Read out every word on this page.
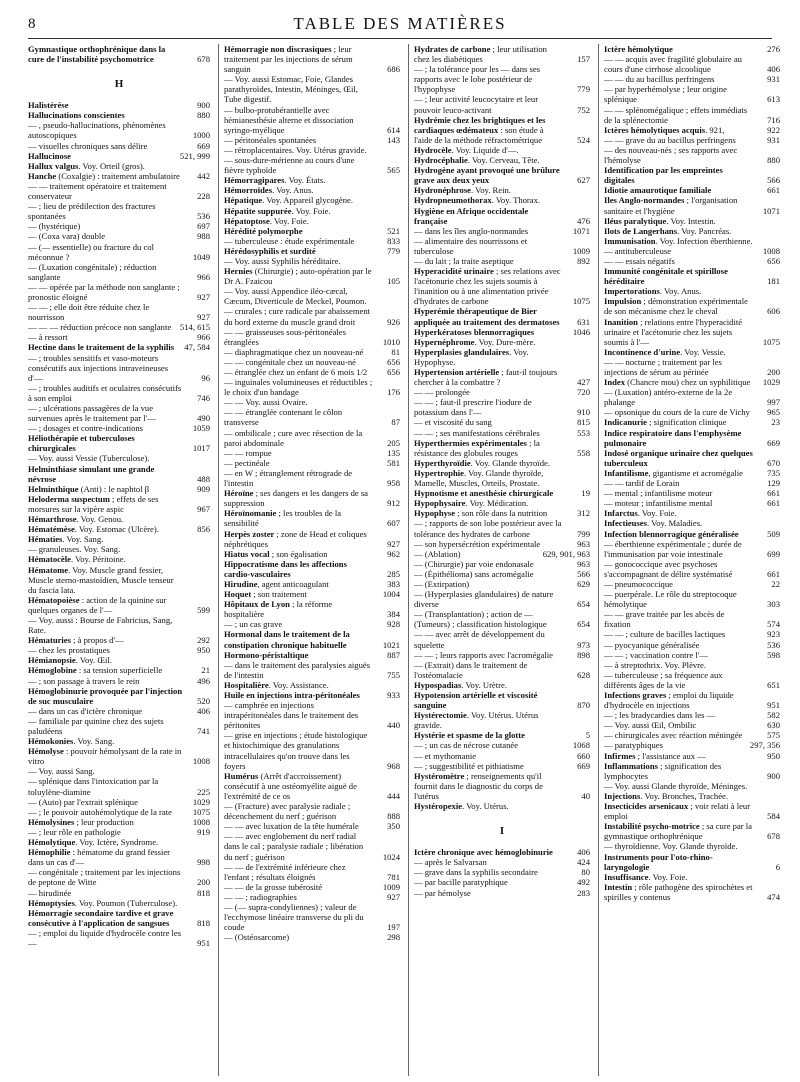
8	TABLE DES MATIÈRES
Gymnastique orthophrénique dans la cure de l'instabilité psychomotrice	678
H
Halistérèse	900
Hallucinations conscientes	880
— , pseudo-hallucinations, phénomènes autoscopiques	1000
— visuelles chroniques sans délire	669
Hallucinose	521, 999
Hallux valgus. Voy. Orteil (gros).
Hanche (Coxalgie) : traitement ambulatoire	442
— — traitement opératoire et traitement conservateur	228
— ; lieu de prédilection des fractures spontanées	536
— (hystérique)	697
— (Coxa vara) double	988
— (— essentielle) ou fracture du col méconnue ?	1049
— (Luxation congénitale) ; réduction sanglante	966
— — opérée par la méthode non sanglante ; pronostic éloigné	927
— — ; elle doit être réduite chez le nourrisson	927
— — — réduction précoce non sanglante	514, 615
— à ressort	966
Hectine dans le traitement de la syphilis	47, 584
— ; troubles sensitifs et vaso-moteurs consécutifs aux injections intraveineuses d'—	96
— ; troubles auditifs et oculaires consécutifs à son emploi	746
— ; ulcérations passagères de la vue survenues après le traitement par l'—	490
— ; dosages et contre-indications	1059
Héliothérapie et tuberculoses chirurgicales	1017
— Voy. aussi Vessie (Tuberculose).
Helminthiase simulant une grande névrose	488
Helminthique (Anti) : le naphtol β	909
Heloderma suspectum ; effets de ses morsures sur la vipère aspic	967
Hémarthrose. Voy. Genou.
Hématémèse. Voy. Estomac (Ulcère).	856
Hématies. Voy. Sang.
— granuleuses. Voy. Sang.
Hématocèle. Voy. Péritoine.
Hématome. Voy. Muscle grand fessier, Muscle sterno-mastoïdien, Muscle tenseur du fascia lata.
Hématopoièse : action de la quinine sur quelques organes de l'—	599
— Voy. aussi : Bourse de Fabricius, Sang, Rate.
Hématuries ; à propos d'—	292
— chez les prostatiques	950
Hémianopsie. Voy. Œil.
Hémoglobine : sa tension superficielle	21
— ; son passage à travers le rein	496
Hémoglobinurie provoquée par l'injection de suc musculaire	520
— dans un cas d'ictère chronique	406
— familiale par quinine chez des sujets paludéens	741
Hémokonies. Voy. Sang.
Hémolyse : pouvoir hémolysant de la rate in vitro	1008
— Voy. aussi Sang.
— splénique dans l'intoxication par la toluylène-diamine	225
— (Auto) par l'extrait splénique	1029
— ; le pouvoir autohémolytique de la rate	1075
Hémolysines ; leur production	1008
— ; leur rôle en pathologie	919
Hémolytique. Voy. Ictère, Syndrome.
Hémophilie : hématome du grand fessier dans un cas d'—	998
— congénitale ; traitement par les injections de peptone de Witte	200
— hirudinée	818
Hémoptysies. Voy. Poumon (Tuberculose).
Hémorragie secondaire tardive et grave consécutive à l'application de sangsues	818
— ; emploi du liquide d'hydrocèle contre les —	951
Hémorragie non discrasiques ; leur traitement par les injections de sérum sanguin	686
— Voy. aussi Estomac, Foie, Glandes parathyroïdes, Intestin, Méninges, Œil, Tube digestif.
— bulbo-protubérantielle avec hémianesthésie alterne et dissociation syringo-myélique	614
— péritonéales spontanées	143
— rétroplacentaires. Voy. Utérus gravide.
— sous-dure-mérienne au cours d'une fièvre typhoïde	565
Hémorragipares. Voy. États.
Hémorroïdes. Voy. Anus.
Hépatique. Voy. Appareil glycogène.
Hépatite suppurée. Voy. Foie.
Hépatoptose. Voy. Foie.
Hérédité polymorphe	521
— tuberculeuse : étude expérimentale	833
Hérédosyphilis et surdité	779
— Voy. aussi Syphilis héréditaire.
Hernies (Chirurgie) ; auto-opération par le Dr A. Fzaicou	105
— Voy. aussi Appendice iléo-cæcal, Cæcum, Diverticule de Meckel, Poumon.
— crurales ; cure radicale par abaissement du bord externe du muscle grand droit	926
— — graisseuses sous-péritonéales étranglées	1010
— diaphragmatique chez un nouveau-né	81
— — congénitale chez un nouveau-né	656
— étranglée chez un enfant de 6 mois 1/2	656
— inguinales volumineuses et réductibles ; le choix d'un bandage	176
— — Voy. aussi Ovaire.
— — étranglée contenant le côlon transverse	87
— ombilicale ; cure avec résection de la paroi abdominale	205
— — rompue	135
— pectinéale	581
— en W ; étranglement rétrograde de l'intestin	958
Héroïne ; ses dangers et les dangers de sa suppression	912
Héroïnomanie ; les troubles de la sensibilité	607
Herpès zoster ; zone de Head et coliques néphrétiques	927
Hiatus vocal ; son égalisation	962
Hippocratisme dans les affections cardio-vasculaires	285
Hirudine, agent anticoagulant	383
Hoquet ; son traitement	1004
Hôpitaux de Lyon ; la réforme hospitalière	384
— ; un cas grave	928
Hormonal dans le traitement de la constipation chronique habituelle	1021
Hormono-péristaltique	887
— dans le traitement des paralysies aiguës de l'intestin	755
Hospitalière. Voy. Assistance.
Huile en injections intra-péritonéales	933
— camphrée en injections intrapéritonéales dans le traitement des péritonites	440
— grise en injections ; étude histologique et histochimique des granulations intracellulaires qu'on trouve dans les foyers	968
Humérus (Arrêt d'accroissement) consécutif à une ostéomyélite aiguë de l'extrémité de ce os	444
— (Fracture) avec paralysie radiale ; décenchement du nerf ; guérison	888
— — avec luxation de la tête humérale	350
— — avec englobement du nerf radial dans le cal ; paralysie radiale ; libération du nerf ; guérison	1024
— — de l'extrémité inférieure chez l'enfant ; résultats éloignés	781
— — de la grosse tubérosité	1009
— — ; radiographies	927
— (— supra-condyliennes) ; valeur de l'ecchymose linéaire transverse du pli du coude	197
— (Ostéosarcome)	298
Hydrates de carbone ; leur utilisation chez les diabétiques	157
— ; la tolérance pour les — dans ses rapports avec le lobe postérieur de l'hypophyse	779
— ; leur activité leucocytaire et leur pouvoir leuco-activant	752
Hydrémie chez les brightiques et les cardiaques œdémateux : son étude à l'aide de la méthode réfractométrique	524
Hydrocèle. Voy. Liquide d'—.
Hydrocéphalie. Voy. Cerveau, Tête.
Hydrogène ayant provoqué une brûlure grave aux deux yeux	627
Hydronéphrose. Voy. Rein.
Hydropneumothorax. Voy. Thorax.
Hygiène en Afrique occidentale française	476
— dans les îles anglo-normandes	1071
— alimentaire des nourrissons et tuberculose	1009
— du lait ; la traite aseptique	892
Hyperacidité urinaire ; ses relations avec l'acétonurie chez les sujets soumis à l'inanition ou à une alimentation privée d'hydrates de carbone	1075
Hyperémie thérapeutique de Bier appliquée au traitement des dermatoses	631
Hyperkératoses blennorragiques	1046
Hypernéphrome. Voy. Dure-mère.
Hyperplasies glandulaires. Voy. Hypophyse.
Hypertension artérielle ; faut-il toujours chercher à la combattre ?	427
— — prolongée	720
— — ; faut-il prescrire l'iodure de potassium dans l'—	910
— et viscosité du sang	815
— — ; ses manifestations cérébrales	553
Hyperthermies expérimentales ; la résistance des globules rouges	558
Hyperthyroïdie. Voy. Glande thyroïde.
Hypertrophie. Voy. Glande thyroïde, Mamelle, Muscles, Orteils, Prostate.
Hypnotisme et anesthésie chirurgicale	19
Hypophysaire. Voy. Médication.
Hypophyse ; son rôle dans la nutrition	312
— ; rapports de son lobe postérieur avec la tolérance des hydrates de carbone	799
— son hypersécrétion expérimentale	963
— (Ablation)	629, 901, 963
— (Chirurgie) par voie endonasale	963
— (Épithélioma) sans acromégalie	566
— (Extirpation)	629
— (Hyperplasies glandulaires) de nature diverse	654
— (Transplantation) ; action de — (Tumeurs) ; classification histologique	654
— — avec arrêt de développement du squelette	973
— — ; leurs rapports avec l'acromégalie	898
— (Extrait) dans le traitement de l'ostéomalacie	628
Hypospadias. Voy. Urètre.
Hypotension artérielle et viscosité sanguine	870
Hystérectomie. Voy. Utérus. Utérus gravide.
Hystérie et spasme de la glotte	5
— ; un cas de nécrose cutanée	1068
— et mythomanie	660
— ; suggestibilité et pithiatisme	669
Hystéromètre ; renseignements qu'il fournit dans le diagnostic du corps de l'utérus	40
Hystéropexie. Voy. Utérus.
I
Ictère chronique avec hémoglobinurie	406
— après le Salvarsan	424
— grave dans la syphilis secondaire	80
— par bacille paratyphique	492
— par hémolyse	283
Ictère hémolytique	276
— — acquis avec fragilité globulaire au cours d'une cirrhose alcoolique	406
— — du au bacillus perfringens	931
— par hyperhémolyse ; leur origine splénique	613
— — splénomégalique ; effets immédiats de la splénectomie	716
Ictères hémolytiques acquis. 921,	922
— — grave du au bacillus perfringens	931
— des nouveau-nés ; ses rapports avec l'hémolyse	880
Identification par les empreintes digitales	566
Idiotie amaurotique familiale	661
Iles Anglo-normandes ; l'organisation sanitaire et l'hygiène	1071
Iléus paralytique. Voy. Intestin.
Ilots de Langerhans. Voy. Pancréas.
Immunisation. Voy. Infection éberthienne.
— antituberculeuse	1008
— — essais négatifs	656
Immunité congénitale et spirillose héréditaire	181
Impertorations. Voy. Anus.
Impulsion ; démonstration expérimentale de son mécanisme chez le cheval	606
Inanition ; relations entre l'hyperacidité urinaire et l'acétonurie chez les sujets soumis à l'—	1075
Incontinence d'urine. Voy. Vessie.
— — nocturne ; traitement par les injections de sérum au périnée	200
Index (Chancre mou) chez un syphilitique	1029
— (Luxation) antéro-externe de la 2e phalange	997
— opsonique du cours de la cure de Vichy	965
Indicanurie ; signification clinique	23
Indice respiratoire dans l'emphysème pulmonaire	669
Indosé organique urinaire chez quelques tuberculeux	670
Infantilisme, gigantisme et acromégalie	735
— — tardif de Lorain	129
— mental ; infantilisme moteur	661
— moteur ; infantilisme mental	661
Infarctus. Voy. Foie.
Infectieuses. Voy. Maladies.
Infection blennorragique généralisée	509
— éberthienne expérimentale ; durée de l'immunisation par voie intestinale	699
— gonococcique avec psychoses s'accompagnant de délire systématisé	661
— pneumococcique	22
— puerpérale. Le rôle du streptocoque hémolytique	303
— — grave traitée par les abcès de fixation	574
— — ; culture de bacilles lactiques	923
— pyocyanique généralisée	536
— — ; vaccination contre l'—	598
— à streptothrix. Voy. Plèvre.
— tuberculeuse ; sa fréquence aux différents âges de la vie	651
Infections graves ; emploi du liquide d'hydrocèle en injections	951
— ; les bradycardies dans les —	582
— Voy. aussi Œil, Ombilic	630
— chirurgicales avec réaction méningée	575
— paratyphiques	297, 356
Infirmes ; l'assistance aux —	950
Inflammations ; signification des lymphocytes	900
— Voy. aussi Glande thyroïde, Méninges.
Injections. Voy. Bronches, Trachée.
Insecticides arsenicaux ; voir relati à leur emploi	584
Instabilité psycho-motrice ; sa cure par la gymnastique orthophrénique	678
— thyroïdienne. Voy. Glande thyroïde.
Instruments pour l'oto-rhino-laryngologie	6
Insuffisance. Voy. Foie.
Intestin ; rôle pathogène des spirochètes et spirilles y contenus	474
